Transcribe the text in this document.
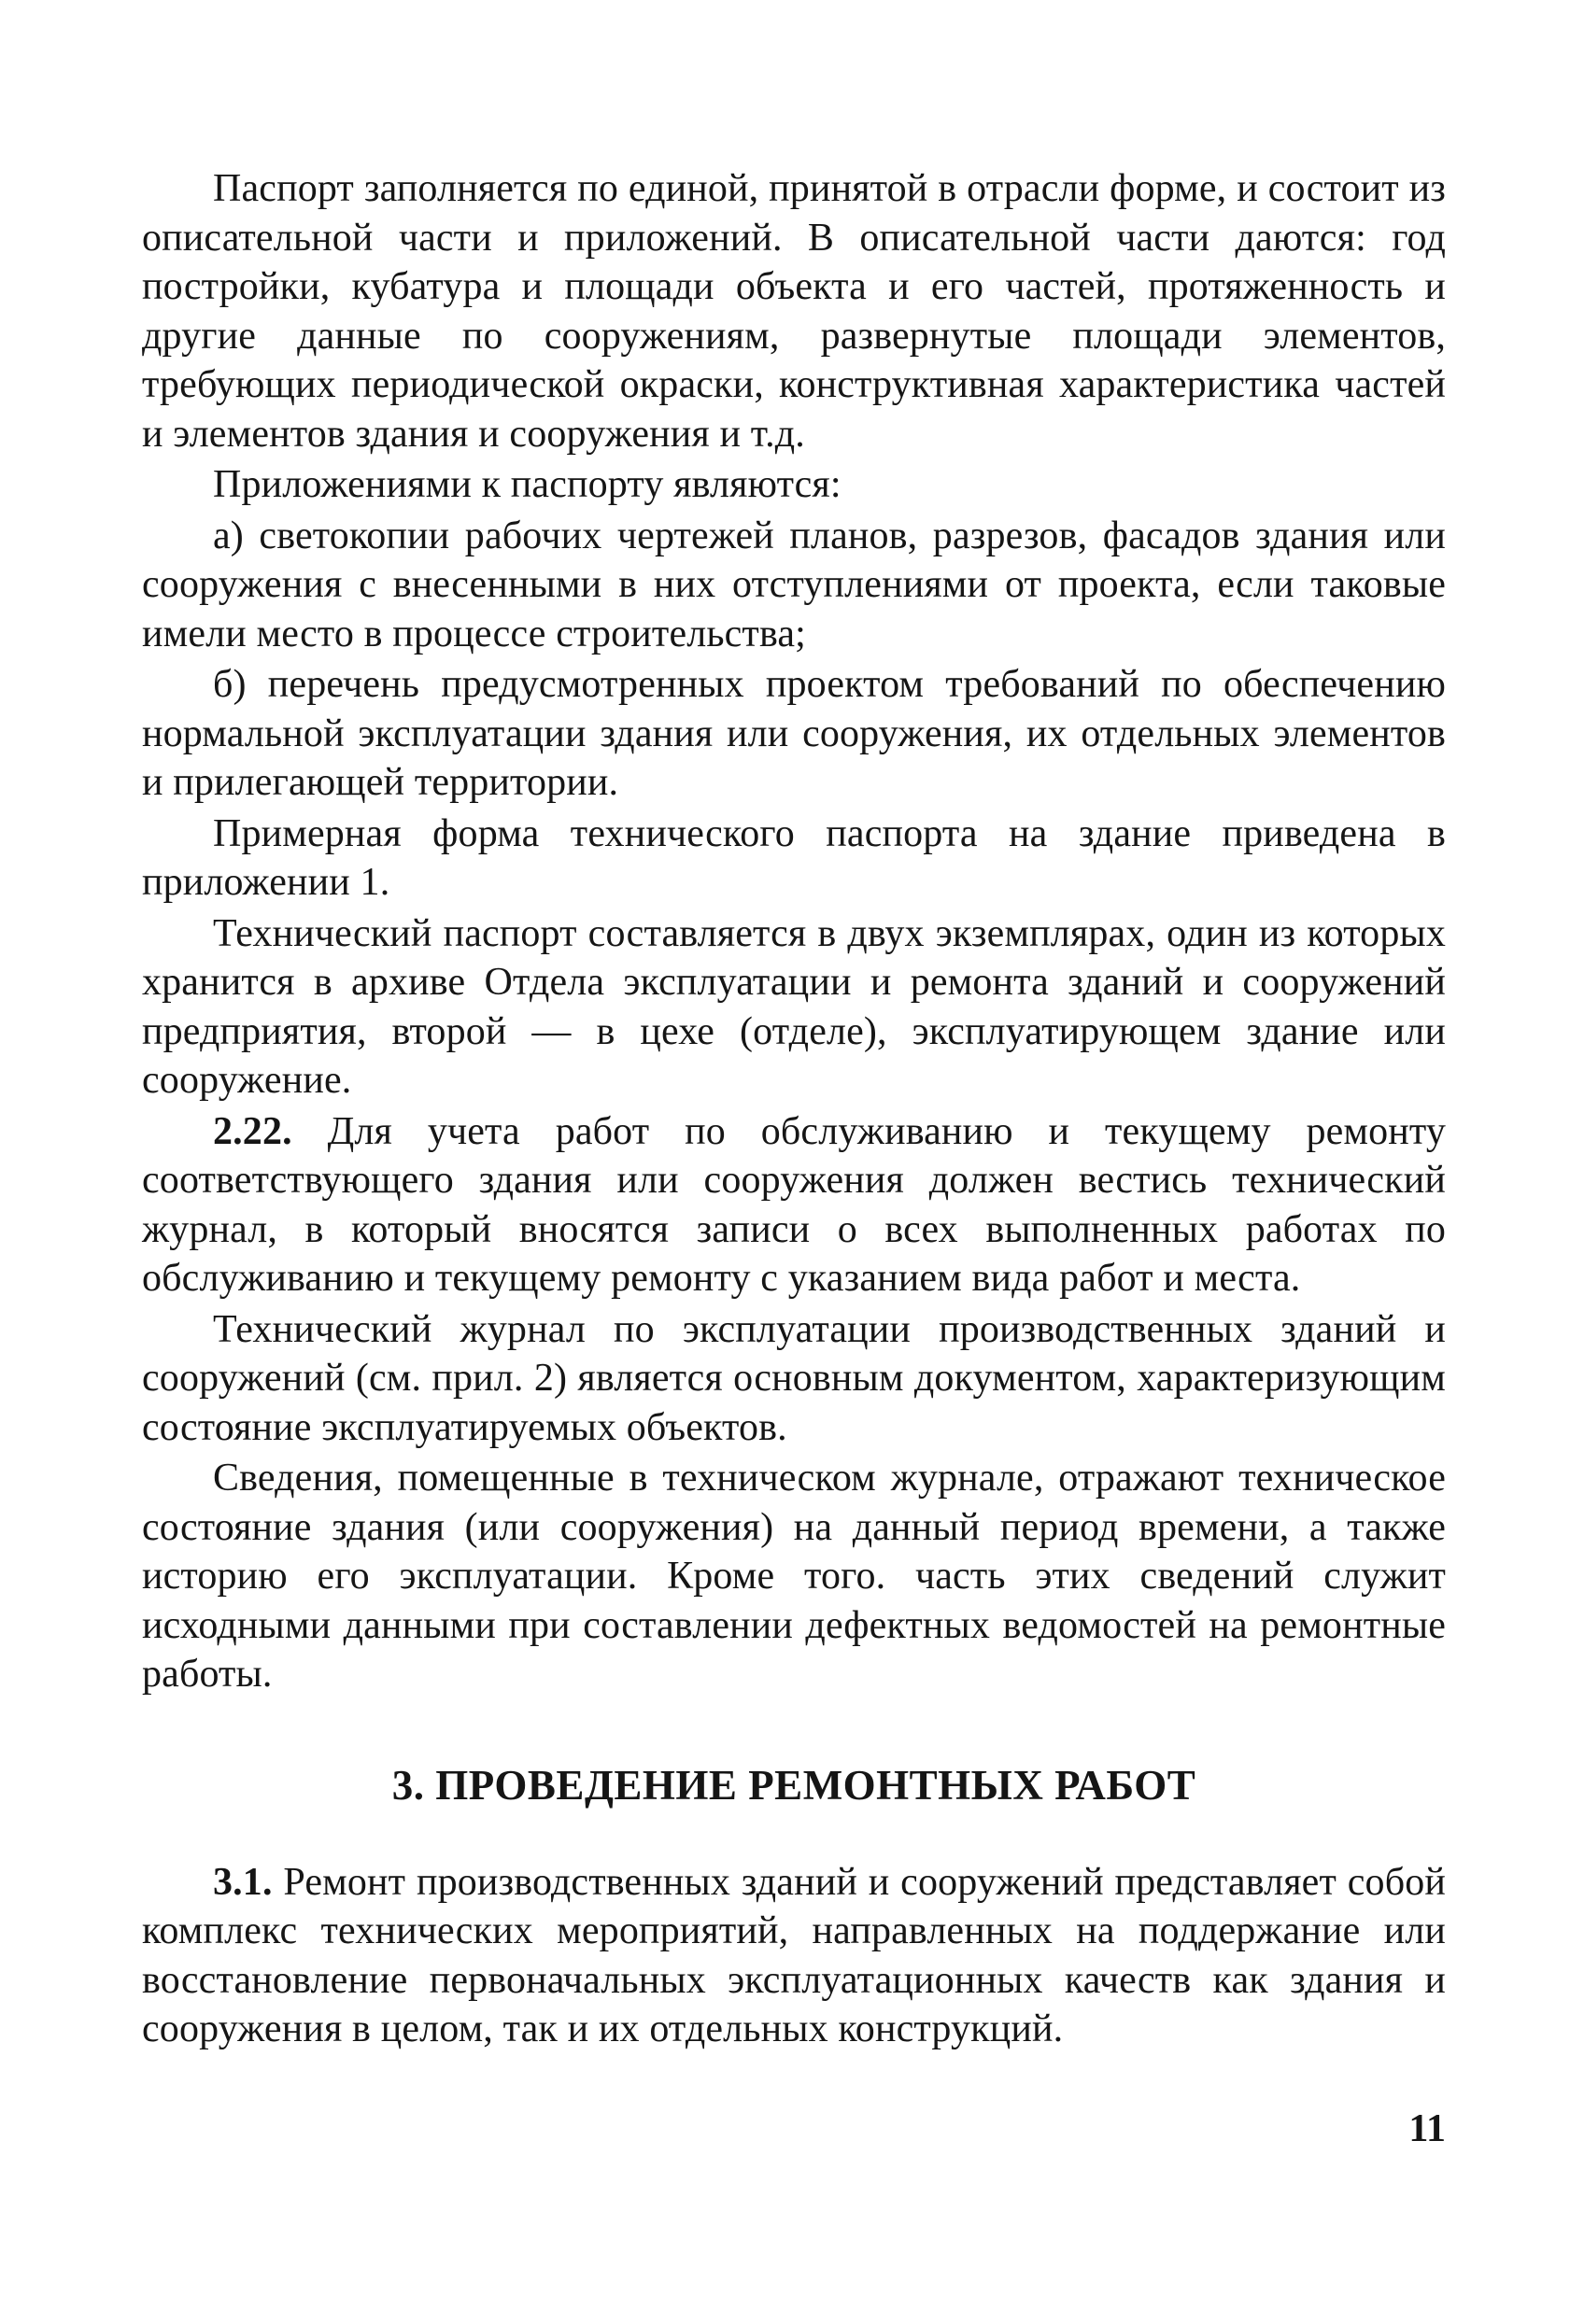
Паспорт заполняется по единой, принятой в отрасли форме, и состоит из описательной части и приложений. В описательной части даются: год постройки, кубатура и площади объекта и его частей, протяженность и другие данные по сооружениям, развернутые площади элементов, требующих периодической окраски, конструктивная характеристика частей и элементов здания и сооружения и т.д.

Приложениями к паспорту являются:

а) светокопии рабочих чертежей планов, разрезов, фасадов здания или сооружения с внесенными в них отступлениями от проекта, если таковые имели место в процессе строительства;

б) перечень предусмотренных проектом требований по обеспечению нормальной эксплуатации здания или сооружения, их отдельных элементов и прилегающей территории.

Примерная форма технического паспорта на здание приведена в приложении 1.

Технический паспорт составляется в двух экземплярах, один из которых хранится в архиве Отдела эксплуатации и ремонта зданий и сооружений предприятия, второй — в цехе (отделе), эксплуатирующем здание или сооружение.

2.22. Для учета работ по обслуживанию и текущему ремонту соответствующего здания или сооружения должен вестись технический журнал, в который вносятся записи о всех выполненных работах по обслуживанию и текущему ремонту с указанием вида работ и места.

Технический журнал по эксплуатации производственных зданий и сооружений (см. прил. 2) является основным документом, характеризующим состояние эксплуатируемых объектов.

Сведения, помещенные в техническом журнале, отражают техническое состояние здания (или сооружения) на данный период времени, а также историю его эксплуатации. Кроме того. часть этих сведений служит исходными данными при составлении дефектных ведомостей на ремонтные работы.

3. ПРОВЕДЕНИЕ РЕМОНТНЫХ РАБОТ

3.1. Ремонт производственных зданий и сооружений представляет собой комплекс технических мероприятий, направленных на поддержание или восстановление первоначальных эксплуатационных качеств как здания и сооружения в целом, так и их отдельных конструкций.

11
